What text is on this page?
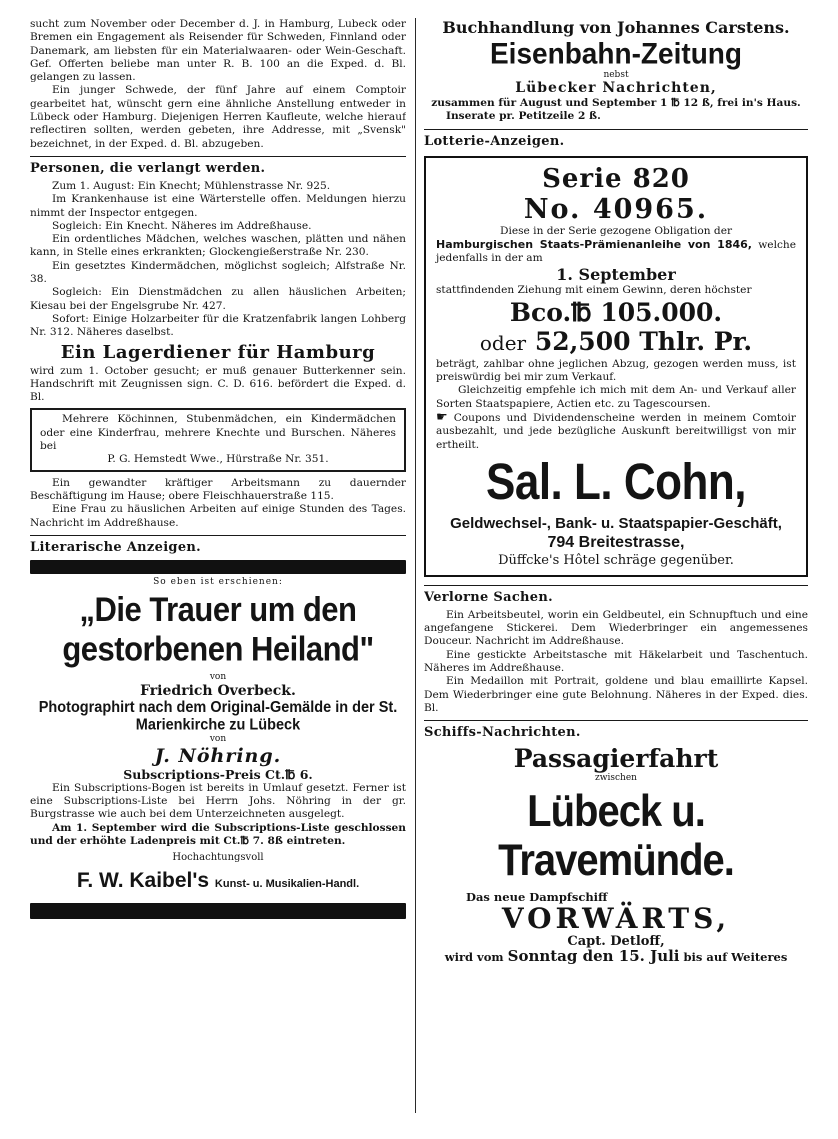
sucht zum November oder December d. J. in Hamburg, Lubeck oder Bremen ein Engagement als Reisender für Schweden, Finnland oder Danemark, am liebsten für ein Materialwaaren- oder Wein-Geschaft. Gef. Offerten beliebe man unter R. B. 100 an die Exped. d. Bl. gelangen zu lassen.

Ein junger Schwede, der fünf Jahre auf einem Comptoir gearbeitet hat, wünscht gern eine ähnliche Anstellung entweder in Lübeck oder Hamburg. Diejenigen Herren Kaufleute, welche hierauf reflectiren sollten, werden gebeten, ihre Addresse, mit „Svensk" bezeichnet, in der Exped. d. Bl. abzugeben.

Personen, die verlangt werden.

Zum 1. August: Ein Knecht; Mühlenstrasse Nr. 925.

Im Krankenhause ist eine Wärterstelle offen. Meldungen hierzu nimmt der Inspector entgegen.

Sogleich: Ein Knecht. Näheres im Addreßhause.

Ein ordentliches Mädchen, welches waschen, plätten und nähen kann, in Stelle eines erkrankten; Glockengießerstraße Nr. 230.

Ein gesetztes Kindermädchen, möglichst sogleich; Alfstraße Nr. 38.

Sogleich: Ein Dienstmädchen zu allen häuslichen Arbeiten; Kiesau bei der Engelsgrube Nr. 427.

Sofort: Einige Holzarbeiter für die Kratzenfabrik langen Lohberg Nr. 312. Näheres daselbst.

Ein Lagerdiener für Hamburg

wird zum 1. October gesucht; er muß genauer Butterkenner sein. Handschrift mit Zeugnissen sign. C. D. 616. befördert die Exped. d. Bl.

Mehrere Köchinnen, Stubenmädchen, ein Kindermädchen oder eine Kinderfrau, mehrere Knechte und Burschen. Näheres bei

P. G. Hemstedt Wwe., Hürstraße Nr. 351.

Ein gewandter kräftiger Arbeitsmann zu dauernder Beschäftigung im Hause; obere Fleischhauerstraße 115.

Eine Frau zu häuslichen Arbeiten auf einige Stunden des Tages. Nachricht im Addreßhause.

Literarische Anzeigen.
So eben ist erschienen:
„Die Trauer um den gestorbenen Heiland"
von
Friedrich Overbeck.
Photographirt nach dem Original-Gemälde in der St. Marienkirche zu Lübeck
von
J. Nöhring.
Subscriptions-Preis Ct.℔ 6.

Ein Subscriptions-Bogen ist bereits in Umlauf gesetzt. Ferner ist eine Subscriptions-Liste bei Herrn Johs. Nöhring in der gr. Burgstrasse wie auch bei dem Unterzeichneten ausgelegt.

Am 1. September wird die Subscriptions-Liste geschlossen und der erhöhte Ladenpreis mit Ct.℔ 7. 8ß eintreten.

Hochachtungsvoll
F. W. Kaibel's Kunst- u. Musikalien-Handl.
Buchhandlung von Johannes Carstens.
Eisenbahn-Zeitung
nebst
Lübecker Nachrichten,

zusammen für August und September 1 ℔ 12 ß, frei in's Haus.

Inserate pr. Petitzeile 2 ß.

Lotterie-Anzeigen.
Serie 820
No. 40965.

Diese in der Serie gezogene Obligation der

Hamburgischen Staats-Prämienanleihe von 1846, welche jedenfalls in der am

1. September

stattfindenden Ziehung mit einem Gewinn, deren höchster

Bco.℔ 105.000.
oder 52,500 Thlr. Pr.

beträgt, zahlbar ohne jeglichen Abzug, gezogen werden muss, ist preiswürdig bei mir zum Verkauf.

Gleichzeitig empfehle ich mich mit dem An- und Verkauf aller Sorten Staatspapiere, Actien etc. zu Tagescoursen.

☛ Coupons und Dividendenscheine werden in meinem Comtoir ausbezahlt, und jede bezügliche Auskunft bereitwilligst von mir ertheilt.

Sal. L. Cohn,
Geldwechsel-, Bank- u. Staatspapier-Geschäft,
794 Breitestrasse,
Düffcke's Hôtel schräge gegenüber.
Verlorne Sachen.

Ein Arbeitsbeutel, worin ein Geldbeutel, ein Schnupftuch und eine angefangene Stickerei. Dem Wiederbringer ein angemessenes Douceur. Nachricht im Addreßhause.

Eine gestickte Arbeitstasche mit Häkelarbeit und Taschentuch. Näheres im Addreßhause.

Ein Medaillon mit Portrait, goldene und blau emaillirte Kapsel. Dem Wiederbringer eine gute Belohnung. Näheres in der Exped. dies. Bl.

Schiffs-Nachrichten.
Passagierfahrt
zwischen
Lübeck u. Travemünde.
Das neue Dampfschiff
VORWÄRTS,
Capt. Detloff,
wird vom Sonntag den 15. Juli bis auf Weiteres
